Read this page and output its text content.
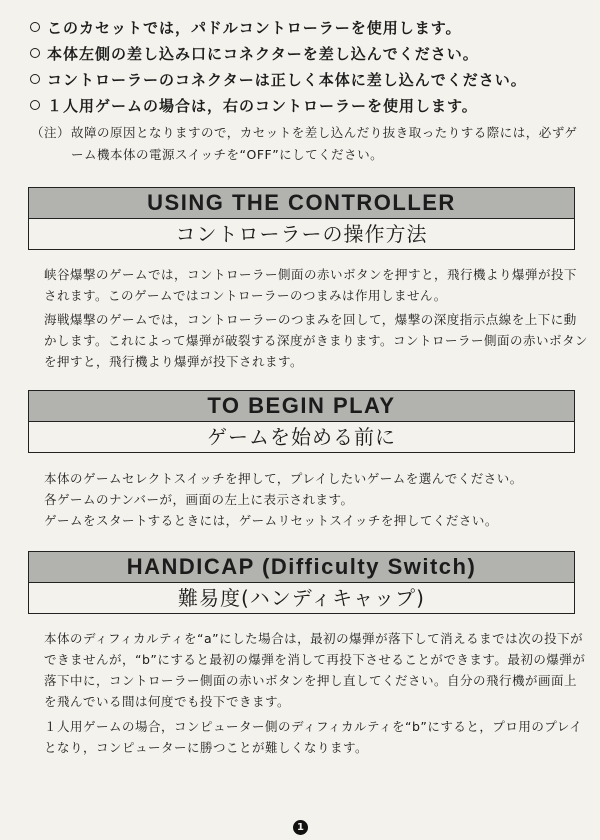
このカセットでは，パドルコントローラーを使用します。
本体左側の差し込み口にコネクターを差し込んでください。
コントローラーのコネクターは正しく本体に差し込んでください。
１人用ゲームの場合は，右のコントローラーを使用します。
（注） 故障の原因となりますので，カセットを差し込んだり抜き取ったりする際には，必ずゲーム機本体の電源スイッチを“OFF”にしてください。
USING THE CONTROLLER
コントローラーの操作方法

峡谷爆撃のゲームでは，コントローラー側面の赤いボタンを押すと，飛行機より爆弾が投下されます。このゲームではコントローラーのつまみは作用しません。

海戦爆撃のゲームでは，コントローラーのつまみを回して，爆撃の深度指示点線を上下に動かします。これによって爆弾が破裂する深度がきまります。コントローラー側面の赤いボタンを押すと，飛行機より爆弾が投下されます。

TO BEGIN PLAY
ゲームを始める前に

本体のゲームセレクトスイッチを押して，プレイしたいゲームを選んでください。

各ゲームのナンバーが，画面の左上に表示されます。

ゲームをスタートするときには，ゲームリセットスイッチを押してください。

HANDICAP (Difficulty Switch)
難易度(ハンディキャップ)

本体のディフィカルティを“a”にした場合は，最初の爆弾が落下して消えるまでは次の投下ができませんが，“b”にすると最初の爆弾を消して再投下させることができます。最初の爆弾が落下中に，コントローラー側面の赤いボタンを押し直してください。自分の飛行機が画面上を飛んでいる間は何度でも投下できます。

１人用ゲームの場合，コンピューター側のディフィカルティを“b”にすると，プロ用のプレイとなり，コンピューターに勝つことが難しくなります。

1
